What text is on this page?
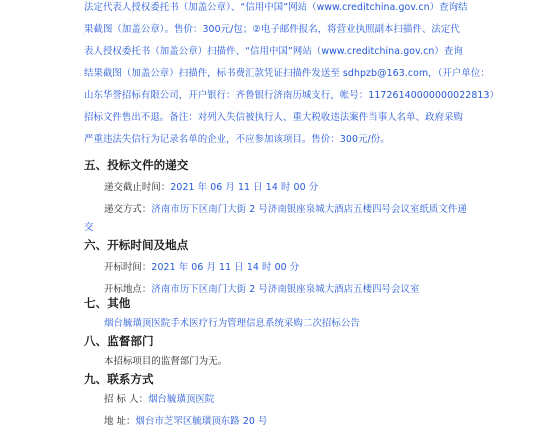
法定代表人授权委托书（加盖公章）、“信用中国”网站（www.creditchina.gov.cn）查询结
果截图（加盖公章）。售价：300元/包；②电子邮件报名，将营业执照副本扫描件、法定代
表人授权委托书（加盖公章）扫描件、“信用中国”网站（www.creditchina.gov.cn）查询
结果截图（加盖公章）扫描件，标书费汇款凭证扫描件发送至 sdhpzb@163.com，（开户单位：
山东华誉招标有限公司，开户银行：齐鲁银行济南历城支行，帐号：11726140000000022813）
招标文件售出不退。备注：对列入失信被执行人、重大税收违法案件当事人名单、政府采购
严重违法失信行为记录名单的企业，不应参加该项目。售价：300元/份。
五、投标文件的递交
递交截止时间：2021 年 06 月 11 日 14 时 00 分
递交方式：济南市历下区南门大街 2 号济南银座泉城大酒店五楼四号会议室纸质文件递
交
六、开标时间及地点
开标时间：2021 年 06 月 11 日 14 时 00 分
开标地点：济南市历下区南门大街 2 号济南银座泉城大酒店五楼四号会议室
七、其他
烟台毓璜顶医院手术医疗行为管理信息系统采购二次招标公告
八、监督部门
本招标项目的监督部门为无。
九、联系方式
招 标 人：烟台毓璜顶医院
地 址：烟台市芝罘区毓璜顶东路 20 号
